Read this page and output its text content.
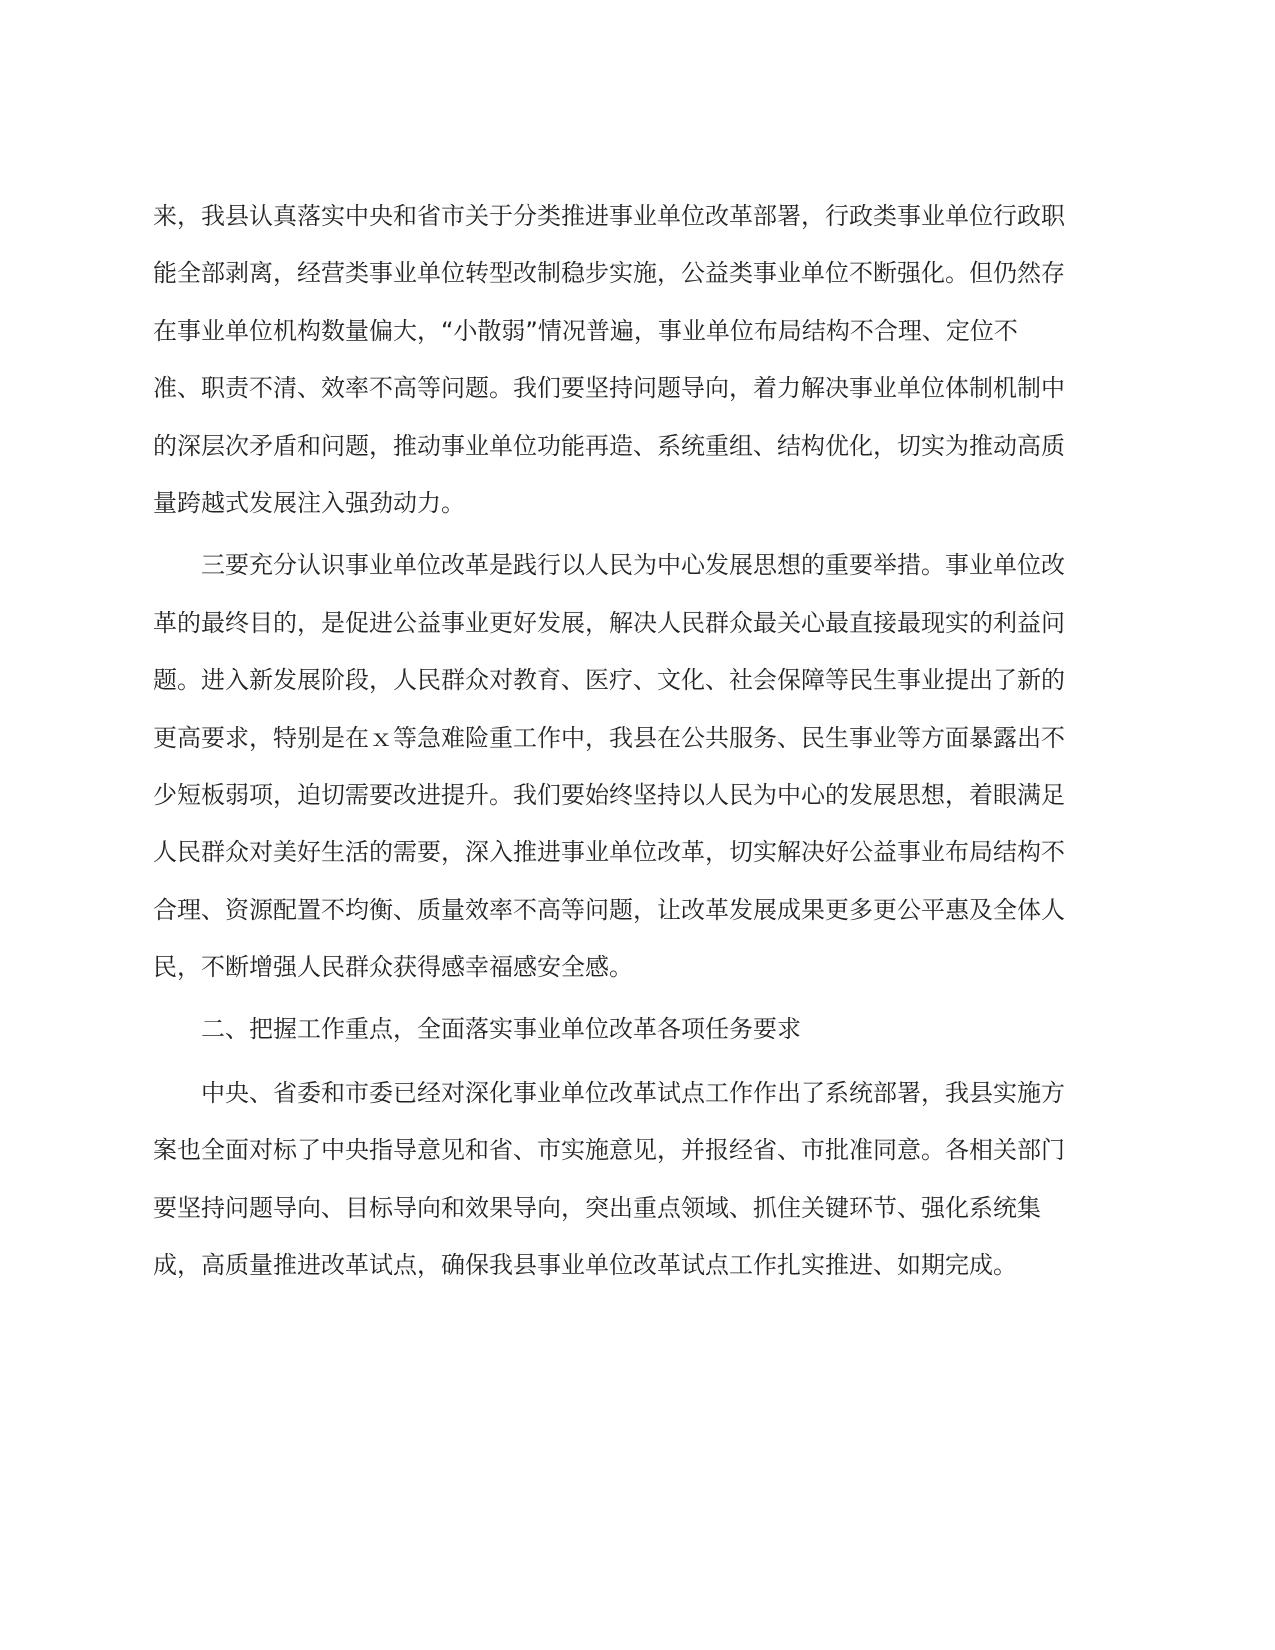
来，我县认真落实中央和省市关于分类推进事业单位改革部署，行政类事业单位行政职
能全部剥离，经营类事业单位转型改制稳步实施，公益类事业单位不断强化。但仍然存
在事业单位机构数量偏大，“小散弱”情况普遍，事业单位布局结构不合理、定位不
准、职责不清、效率不高等问题。我们要坚持问题导向，着力解决事业单位体制机制中
的深层次矛盾和问题，推动事业单位功能再造、系统重组、结构优化，切实为推动高质
量跨越式发展注入强劲动力。
　　三要充分认识事业单位改革是践行以人民为中心发展思想的重要举措。事业单位改
革的最终目的，是促进公益事业更好发展，解决人民群众最关心最直接最现实的利益问
题。进入新发展阶段，人民群众对教育、医疗、文化、社会保障等民生事业提出了新的
更高要求，特别是在ｘ等急难险重工作中，我县在公共服务、民生事业等方面暴露出不
少短板弱项，迫切需要改进提升。我们要始终坚持以人民为中心的发展思想，着眼满足
人民群众对美好生活的需要，深入推进事业单位改革，切实解决好公益事业布局结构不
合理、资源配置不均衡、质量效率不高等问题，让改革发展成果更多更公平惠及全体人
民，不断增强人民群众获得感幸福感安全感。
　　二、把握工作重点，全面落实事业单位改革各项任务要求
　　中央、省委和市委已经对深化事业单位改革试点工作作出了系统部署，我县实施方
案也全面对标了中央指导意见和省、市实施意见，并报经省、市批准同意。各相关部门
要坚持问题导向、目标导向和效果导向，突出重点领域、抓住关键环节、强化系统集
成，高质量推进改革试点，确保我县事业单位改革试点工作扎实推进、如期完成。
